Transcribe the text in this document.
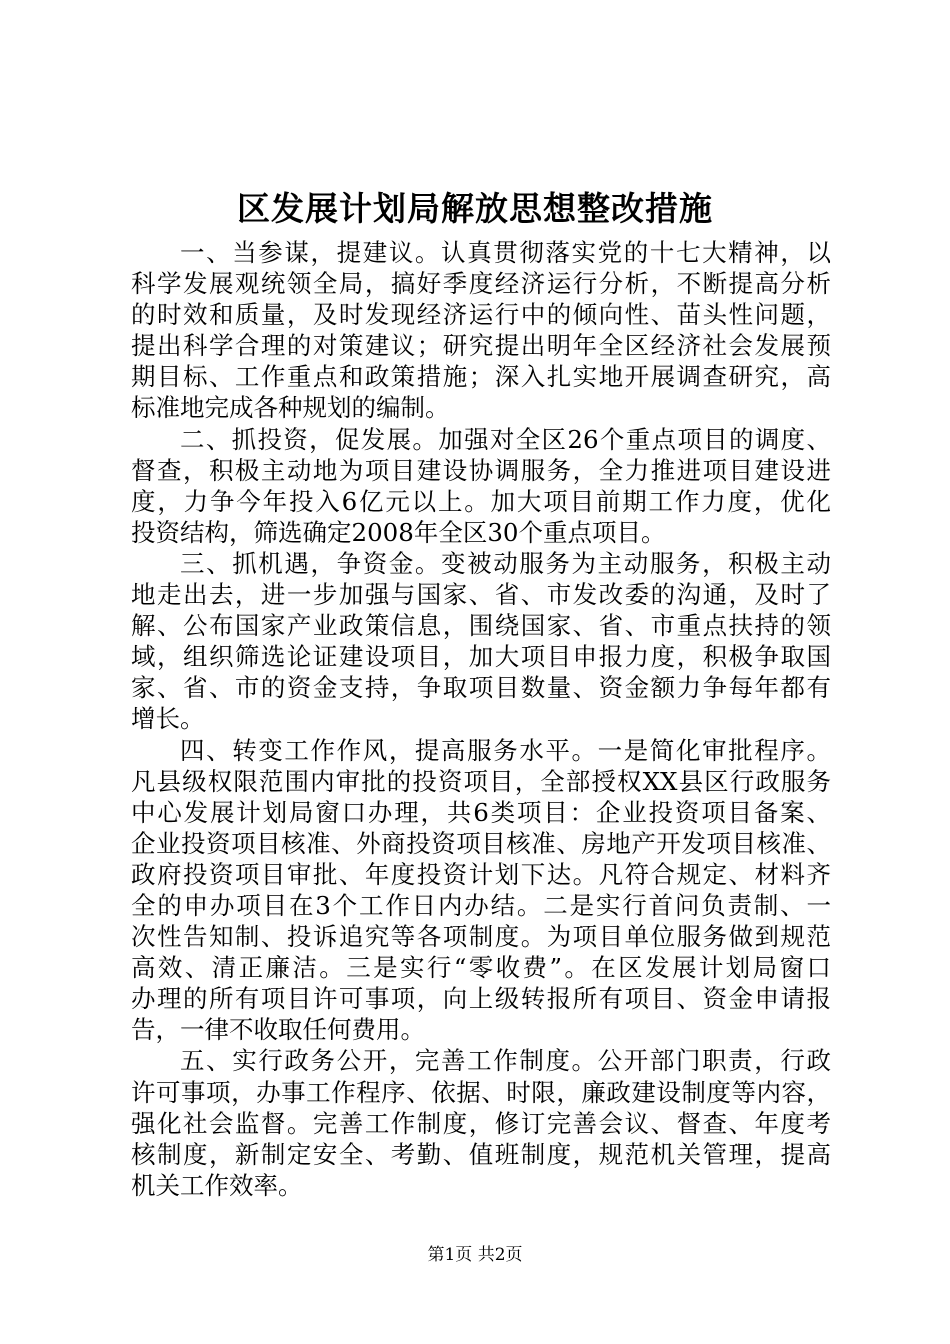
区发展计划局解放思想整改措施
一、当参谋，提建议。认真贯彻落实党的十七大精神，以
科学发展观统领全局，搞好季度经济运行分析，不断提高分析
的时效和质量，及时发现经济运行中的倾向性、苗头性问题，
提出科学合理的对策建议；研究提出明年全区经济社会发展预
期目标、工作重点和政策措施；深入扎实地开展调查研究，高
标准地完成各种规划的编制。
二、抓投资，促发展。加强对全区26个重点项目的调度、
督查，积极主动地为项目建设协调服务，全力推进项目建设进
度，力争今年投入6亿元以上。加大项目前期工作力度，优化
投资结构，筛选确定2008年全区30个重点项目。
三、抓机遇，争资金。变被动服务为主动服务，积极主动
地走出去，进一步加强与国家、省、市发改委的沟通，及时了
解、公布国家产业政策信息，围绕国家、省、市重点扶持的领
域，组织筛选论证建设项目，加大项目申报力度，积极争取国
家、省、市的资金支持，争取项目数量、资金额力争每年都有
增长。
四、转变工作作风，提高服务水平。一是简化审批程序。
凡县级权限范围内审批的投资项目，全部授权XX县区行政服务
中心发展计划局窗口办理，共6类项目：企业投资项目备案、
企业投资项目核准、外商投资项目核准、房地产开发项目核准、
政府投资项目审批、年度投资计划下达。凡符合规定、材料齐
全的申办项目在3个工作日内办结。二是实行首问负责制、一
次性告知制、投诉追究等各项制度。为项目单位服务做到规范
高效、清正廉洁。三是实行“零收费”。在区发展计划局窗口
办理的所有项目许可事项，向上级转报所有项目、资金申请报
告，一律不收取任何费用。
五、实行政务公开，完善工作制度。公开部门职责，行政
许可事项，办事工作程序、依据、时限，廉政建设制度等内容，
强化社会监督。完善工作制度，修订完善会议、督查、年度考
核制度，新制定安全、考勤、值班制度，规范机关管理，提高
机关工作效率。
第1页 共2页
